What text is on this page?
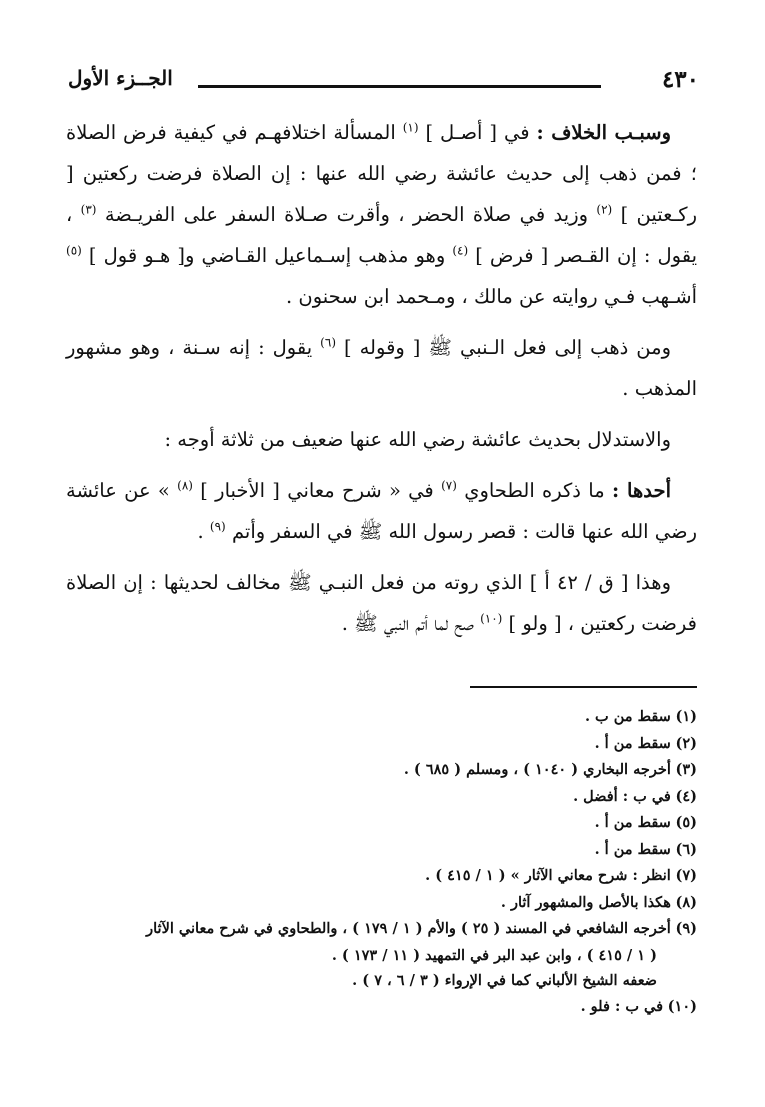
٤٣٠
الجــزء الأول

وسبـب الخلاف : في [ أصـل ] $^{(١)}$ المسألة اختلافهـم في كيفية فرض الصلاة ؛ فمن ذهب إلى حديث عائشة رضي الله عنها : إن الصلاة فرضت ركعتين [ ركـعتين ] $^{(٢)}$ وزيد في صلاة الحضر ، وأقرت صـلاة السفر على الفريـضة $^{(٣)}$ ، يقول : إن القـصر [ فرض ] $^{(٤)}$ وهو مذهب إسـماعيل القـاضي و[ هـو قول ] $^{(٥)}$ أشـهب فـي روايته عن مالك ، ومـحمد ابن سحنون .

ومن ذهب إلى فعل الـنبي ﷺ [ وقوله ] $^{(٦)}$ يقول : إنه سـنة ، وهو مشهور المذهب .

والاستدلال بحديث عائشة رضي الله عنها ضعيف من ثلاثة أوجه :

أحدها : ما ذكره الطحاوي $^{(٧)}$ في « شرح معاني [ الأخبار ] $^{(٨)}$ » عن عائشة رضي الله عنها قالت : قصر رسول الله ﷺ في السفر وأتم $^{(٩)}$ .

وهذا [ ق / ٤٢ أ ] الذي روته من فعل النبـي ﷺ مخالف لحديثها : إن الصلاة فرضت ركعتين ، [ ولو ] $^{(١٠)}$ صح لما أتم النبي ﷺ .

(١) سقط من ب .

(٢) سقط من أ .

(٣) أخرجه البخاري ( ١٠٤٠ ) ، ومسلم ( ٦٨٥ ) .

(٤) في ب : أفضل .

(٥) سقط من أ .

(٦) سقط من أ .

(٧) انظر : شرح معاني الآثار » ( ١ / ٤١٥ ) .

(٨) هكذا بالأصل والمشهور آثار .

(٩) أخرجه الشافعي في المسند ( ٢٥ ) والأم ( ١ / ١٧٩ ) ، والطحاوي في شرح معاني الآثار

( ١ / ٤١٥ ) ، وابن عبد البر في التمهيد ( ١١ / ١٧٣ ) .

ضعفه الشيخ الألباني كما في الإرواء ( ٣ / ٦ ، ٧ ) .

(١٠) في ب : فلو .
